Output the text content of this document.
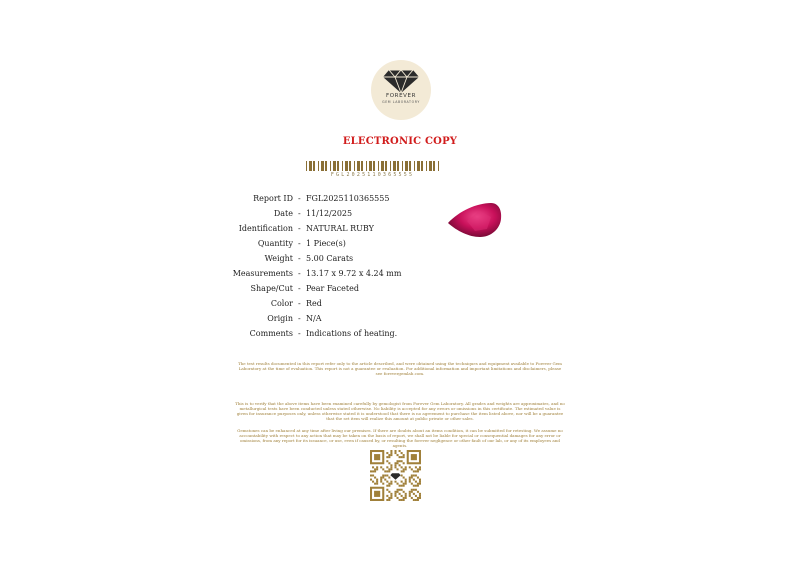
FOREVER
GEM LABORATORY
ELECTRONIC COPY
FGL2025110365555
Report ID - FGL2025110365555
Date - 11/12/2025
Identification - NATURAL RUBY
Quantity - 1 Piece(s)
Weight - 5.00 Carats
Measurements - 13.17 x 9.72 x 4.24 mm
Shape/Cut - Pear Faceted
Color - Red
Origin - N/A
Comments - Indications of heating.
The test results documented in this report refer only to the article described, and were obtained using the techniques and equipment available to Forever Gem Laboratory at the time of evaluation. This report is not a guarantee or evaluation. For additional information and important limitations and disclaimers, please see forevergemlab.com.
This is to verify that the above items have been examined carefully by gemologist from Forever Gem Laboratory. All grades and weights are approximates, and no metallurgical tests have been conducted unless stated otherwise. No liability is accepted for any errors or omissions in this certificate. The estimated value is given for insurance purposes only, unless otherwise stated it is understood that there is no agreement to purchase the item listed above, nor will be a guarantee that the set item will realize this amount at public private or other sales.
Gemstones can be enhanced at any time after living our premises. If there are doubts about an items condition, it can be submitted for retesting. We assume no accountability with respect to any action that may be taken on the basis of report, we shall not be liable for special or consequential damages for any error or omissions, from any report for its issuance, or use, even if caused by, or resulting the forever negligence or other fault of our lab, or any of its employees and agents.
